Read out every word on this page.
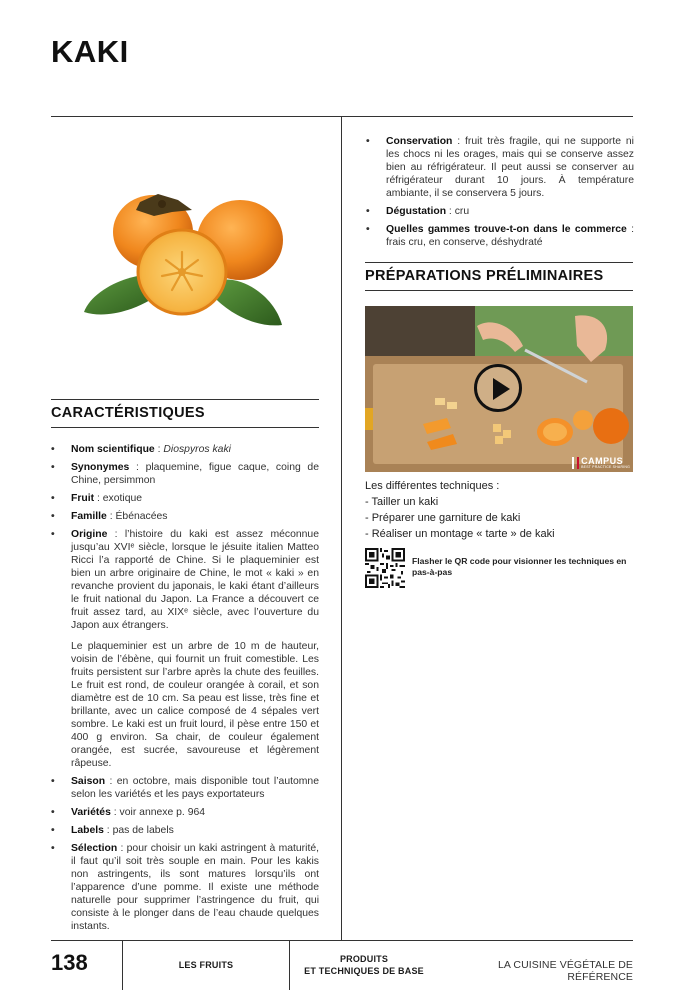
KAKI
CARACTÉRISTIQUES
• Nom scientifique : Diospyros kaki
• Synonymes : plaquemine, figue caque, coing de Chine, persimmon
• Fruit : exotique
• Famille : Ébénacées
• Origine : l’histoire du kaki est assez méconnue jusqu’au XVIᵉ siècle, lorsque le jésuite italien Matteo Ricci l’a rapporté de Chine. Si le plaqueminier est bien un arbre originaire de Chine, le mot « kaki » en revanche provient du japonais, le kaki étant d’ailleurs le fruit national du Japon. La France a découvert ce fruit assez tard, au XIXᵉ siècle, avec l’ouverture du Japon aux étrangers.

Le plaqueminier est un arbre de 10 m de hauteur, voisin de l’ébène, qui fournit un fruit comestible. Les fruits persistent sur l’arbre après la chute des feuilles. Le fruit est rond, de couleur orangée à corail, et son diamètre est de 10 cm. Sa peau est lisse, très fine et brillante, avec un calice composé de 4 sépales vert sombre. Le kaki est un fruit lourd, il pèse entre 150 et 400 g environ. Sa chair, de couleur également orangée, est sucrée, savoureuse et légèrement râpeuse.

• Saison : en octobre, mais disponible tout l’automne selon les variétés et les pays exportateurs
• Variétés : voir annexe p. 964
• Labels : pas de labels
• Sélection : pour choisir un kaki astringent à maturité, il faut qu’il soit très souple en main. Pour les kakis non astringents, ils sont matures lorsqu’ils ont l’apparence d’une pomme. Il existe une méthode naturelle pour supprimer l’astringence du fruit, qui consiste à le plonger dans de l’eau chaude quelques instants.
• Conservation : fruit très fragile, qui ne supporte ni les chocs ni les orages, mais qui se conserve assez bien au réfrigérateur. Il peut aussi se conserver au réfrigérateur durant 10 jours. À température ambiante, il se conservera 5 jours.
• Dégustation : cru
• Quelles gammes trouve-t-on dans le commerce : frais cru, en conserve, déshydraté
PRÉPARATIONS PRÉLIMINAIRES
CAMPUS
BEST PRACTICE SHARING
Les différentes techniques :
- Tailler un kaki
- Préparer une garniture de kaki
- Réaliser un montage « tarte » de kaki
Flasher le QR code pour visionner les techniques en pas-à-pas
138	LES FRUITS
PRODUITS
ET TECHNIQUES DE BASE	LA CUISINE VÉGÉTALE DE RÉFÉRENCE
